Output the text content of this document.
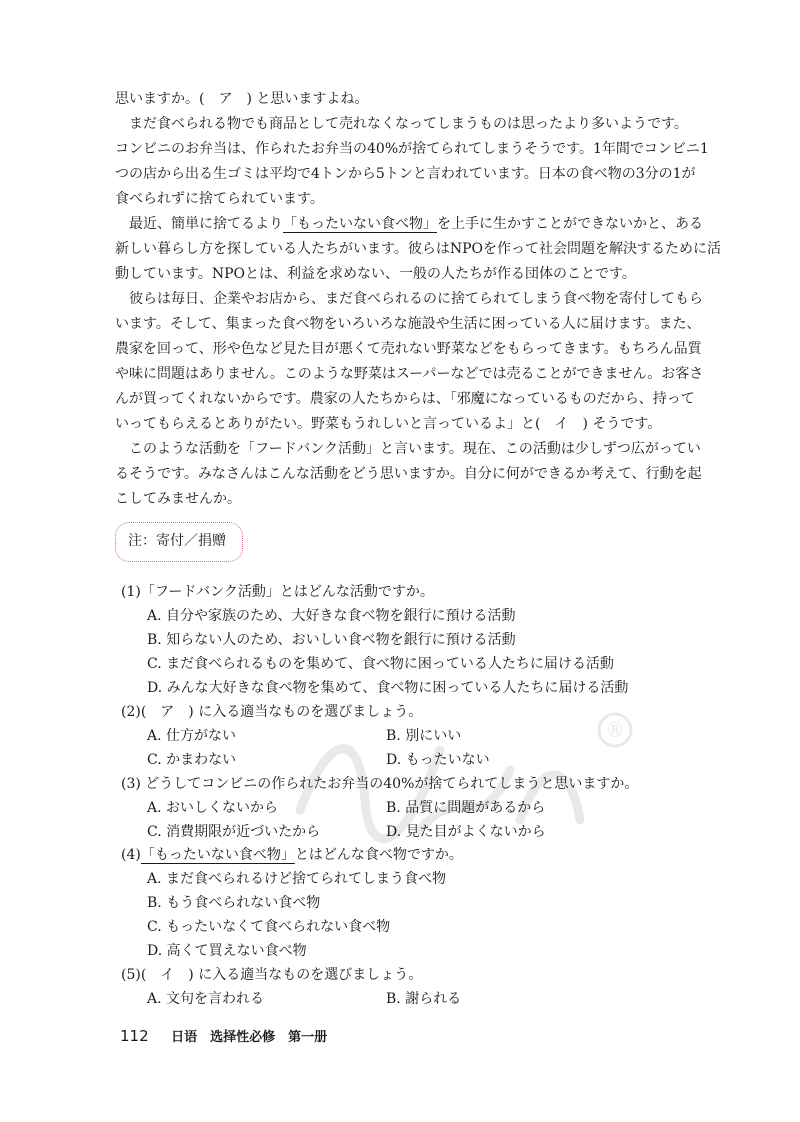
®
思いますか。(　ア　) と思いますよね。
まだ食べられる物でも商品として売れなくなってしまうものは思ったより多いようです。
コンビニのお弁当は、作られたお弁当の40%が捨てられてしまうそうです。1年間でコンビニ1
つの店から出る生ゴミは平均で4トンから5トンと言われています。日本の食べ物の3分の1が
食べられずに捨てられています。
最近、簡単に捨てるより「もったいない食べ物」を上手に生かすことができないかと、ある
新しい暮らし方を探している人たちがいます。彼らはNPOを作って社会問題を解決するために活
動しています。NPOとは、利益を求めない、一般の人たちが作る団体のことです。
彼らは毎日、企業やお店から、まだ食べられるのに捨てられてしまう食べ物を寄付してもら
います。そして、集まった食べ物をいろいろな施設や生活に困っている人に届けます。また、
農家を回って、形や色など見た目が悪くて売れない野菜などをもらってきます。もちろん品質
や味に問題はありません。このような野菜はスーパーなどでは売ることができません。お客さ
んが買ってくれないからです。農家の人たちからは、「邪魔になっているものだから、持って
いってもらえるとありがたい。野菜もうれしいと言っているよ」と(　イ　) そうです。
このような活動を「フードバンク活動」と言います。現在、この活動は少しずつ広がってい
るそうです。みなさんはこんな活動をどう思いますか。自分に何ができるか考えて、行動を起
こしてみませんか。
注：寄付／捐赠
(1)「フードバンク活動」とはどんな活動ですか。
A. 自分や家族のため、大好きな食べ物を銀行に預ける活動
B. 知らない人のため、おいしい食べ物を銀行に預ける活動
C. まだ食べられるものを集めて、食べ物に困っている人たちに届ける活動
D. みんな大好きな食べ物を集めて、食べ物に困っている人たちに届ける活動
(2)(　ア　) に入る適当なものを選びましょう。
A. 仕方がない	B. 別にいい
C. かまわない	D. もったいない
(3) どうしてコンビニの作られたお弁当の40%が捨てられてしまうと思いますか。
A. おいしくないから	B. 品質に問題があるから
C. 消費期限が近づいたから	D. 見た目がよくないから
(4)「もったいない食べ物」とはどんな食べ物ですか。
A. まだ食べられるけど捨てられてしまう食べ物
B. もう食べられない食べ物
C. もったいなくて食べられない食べ物
D. 高くて買えない食べ物
(5)(　イ　) に入る適当なものを選びましょう。
A. 文句を言われる	B. 謝られる
112 日语　选择性必修　第一册
